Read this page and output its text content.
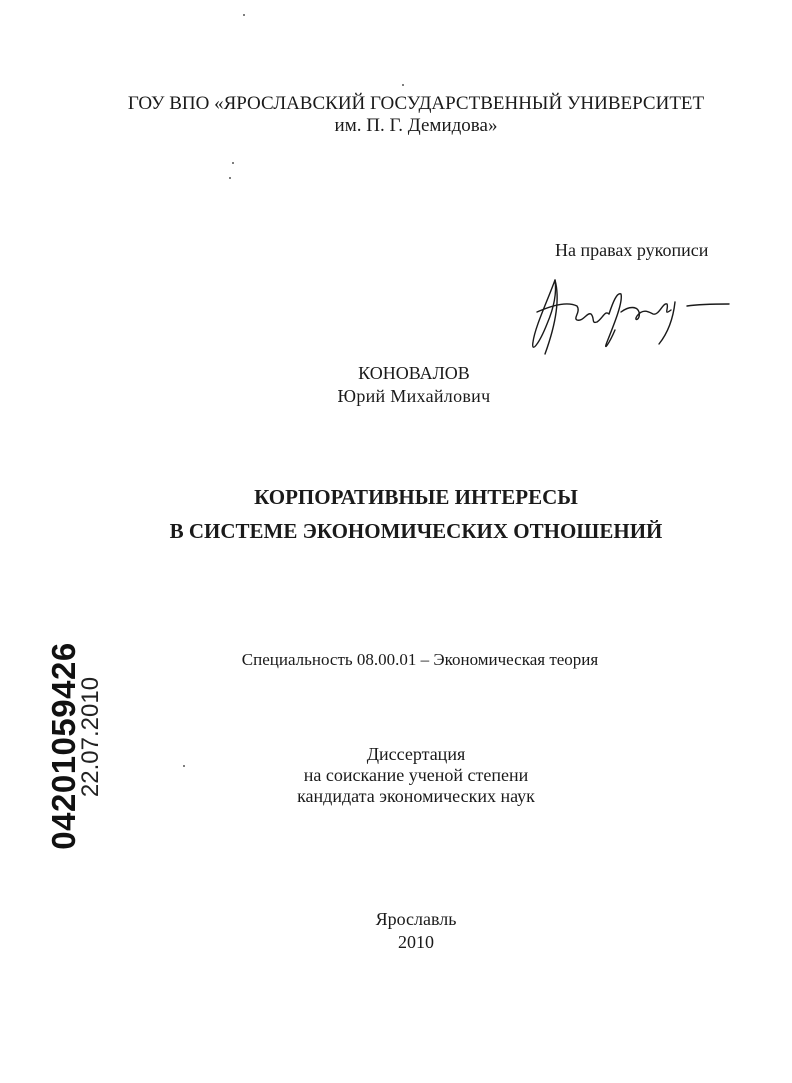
ГОУ ВПО «ЯРОСЛАВСКИЙ ГОСУДАРСТВЕННЫЙ УНИВЕРСИТЕТ
им. П. Г. Демидова»
На правах рукописи
КОНОВАЛОВ
Юрий Михайлович
КОРПОРАТИВНЫЕ ИНТЕРЕСЫ
В СИСТЕМЕ ЭКОНОМИЧЕСКИХ ОТНОШЕНИЙ
Специальность 08.00.01 – Экономическая теория
Диссертация
на соискание ученой степени
кандидата экономических наук
Ярославль
2010
04201059426
22.07.2010
